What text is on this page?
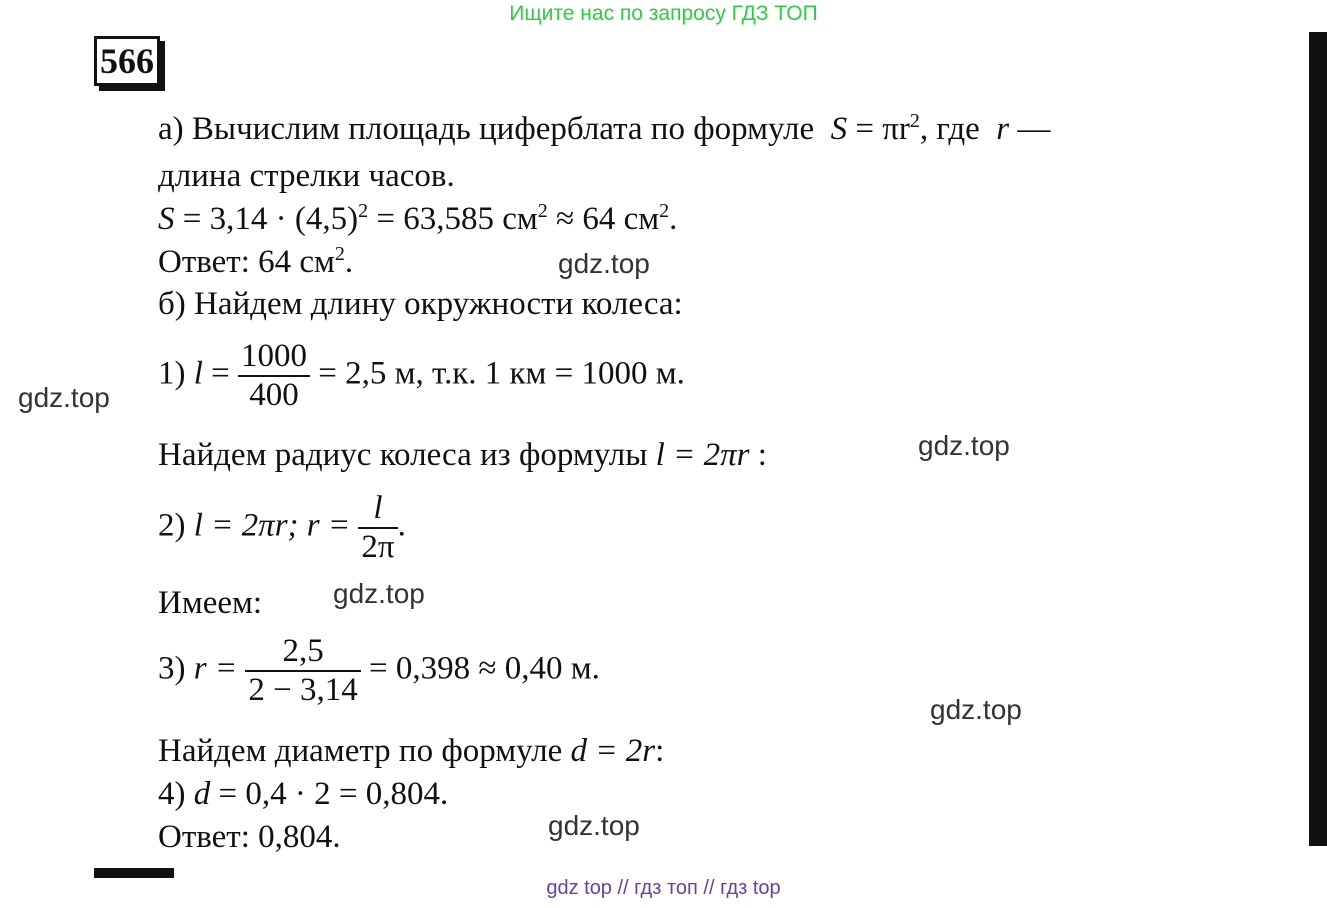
Ищите нас по запросу ГДЗ ТОП
566
а) Вычислим площадь циферблата по формуле $S = \pi r^2$, где r —
длина стрелки часов.
$S = 3,14 \cdot (4,5)^2 = 63,585$ $см^2 \approx 64$ $см^2$.
Ответ: 64 $см^2$.
б) Найдем длину окружности колеса:
1) $l = \frac{1000}{400} = 2,5$ м, т.к. 1 км = 1000 м.
Найдем радиус колеса из формулы l = 2πr :
2) l = 2πr; $r = \frac{l}{2\pi}$ .
Имеем:
3) $r = \frac{2,5}{2 - 3,14} = 0,398 \approx 0,40$ м.
Найдем диаметр по формуле d = 2r:
4) d = 0,4 · 2 = 0,804.
Ответ: 0,804.
gdz.top
gdz.top
gdz.top
gdz.top
gdz.top
gdz.top
gdz top // гдз топ // гдз top
